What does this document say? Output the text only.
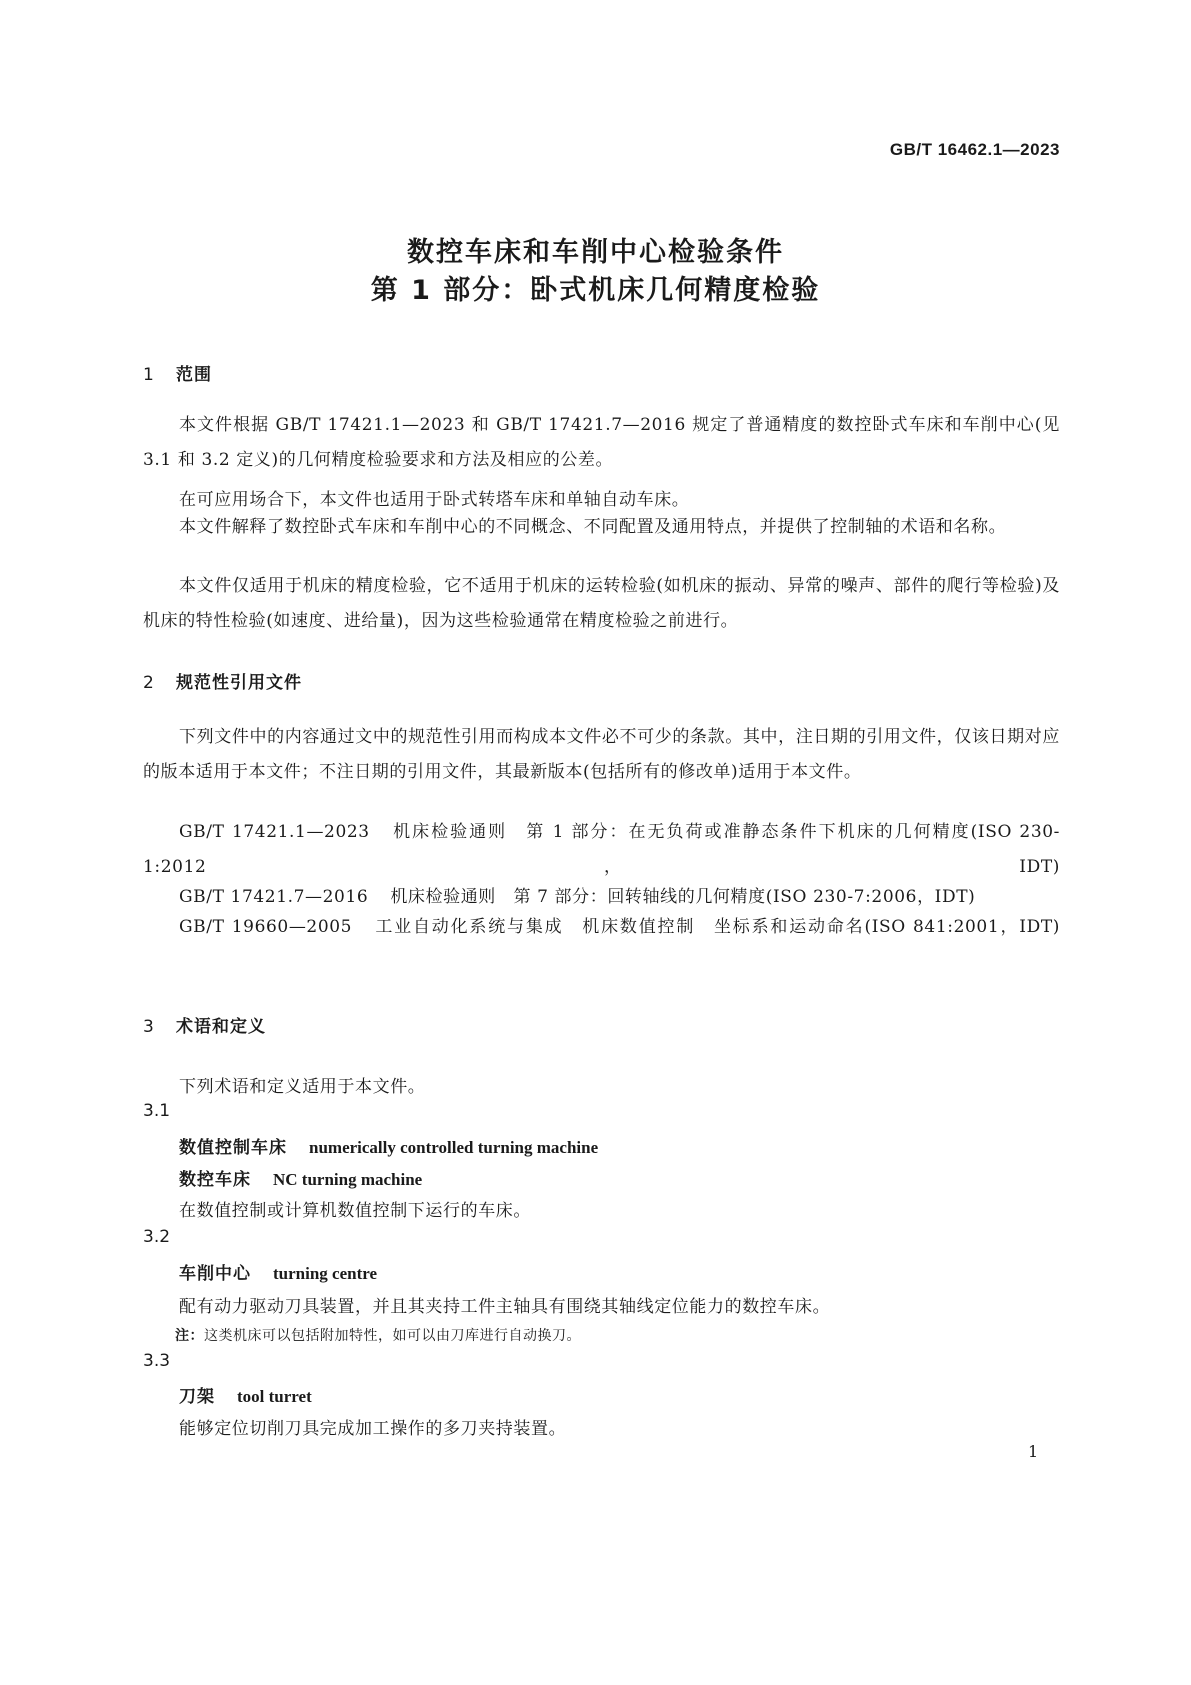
GB/T 16462.1—2023
数控车床和车削中心检验条件
第 1 部分：卧式机床几何精度检验
1 范围
本文件根据 GB/T 17421.1—2023 和 GB/T 17421.7—2016 规定了普通精度的数控卧式车床和车削中心(见 3.1 和 3.2 定义)的几何精度检验要求和方法及相应的公差。
在可应用场合下，本文件也适用于卧式转塔车床和单轴自动车床。
本文件解释了数控卧式车床和车削中心的不同概念、不同配置及通用特点，并提供了控制轴的术语和名称。
本文件仅适用于机床的精度检验，它不适用于机床的运转检验(如机床的振动、异常的噪声、部件的爬行等检验)及机床的特性检验(如速度、进给量)，因为这些检验通常在精度检验之前进行。
2 规范性引用文件
下列文件中的内容通过文中的规范性引用而构成本文件必不可少的条款。其中，注日期的引用文件，仅该日期对应的版本适用于本文件；不注日期的引用文件，其最新版本(包括所有的修改单)适用于本文件。
GB/T 17421.1—2023 机床检验通则　第 1 部分：在无负荷或准静态条件下机床的几何精度(ISO 230-1:2012，IDT)
GB/T 17421.7—2016 机床检验通则　第 7 部分：回转轴线的几何精度(ISO 230-7:2006，IDT)
GB/T 19660—2005 工业自动化系统与集成　机床数值控制　坐标系和运动命名(ISO 841:2001，IDT)
3 术语和定义
下列术语和定义适用于本文件。
3.1
数值控制车床 numerically controlled turning machine
数控车床 NC turning machine
在数值控制或计算机数值控制下运行的车床。
3.2
车削中心 turning centre
配有动力驱动刀具装置，并且其夹持工件主轴具有围绕其轴线定位能力的数控车床。
注：这类机床可以包括附加特性，如可以由刀库进行自动换刀。
3.3
刀架 tool turret
能够定位切削刀具完成加工操作的多刀夹持装置。
1
